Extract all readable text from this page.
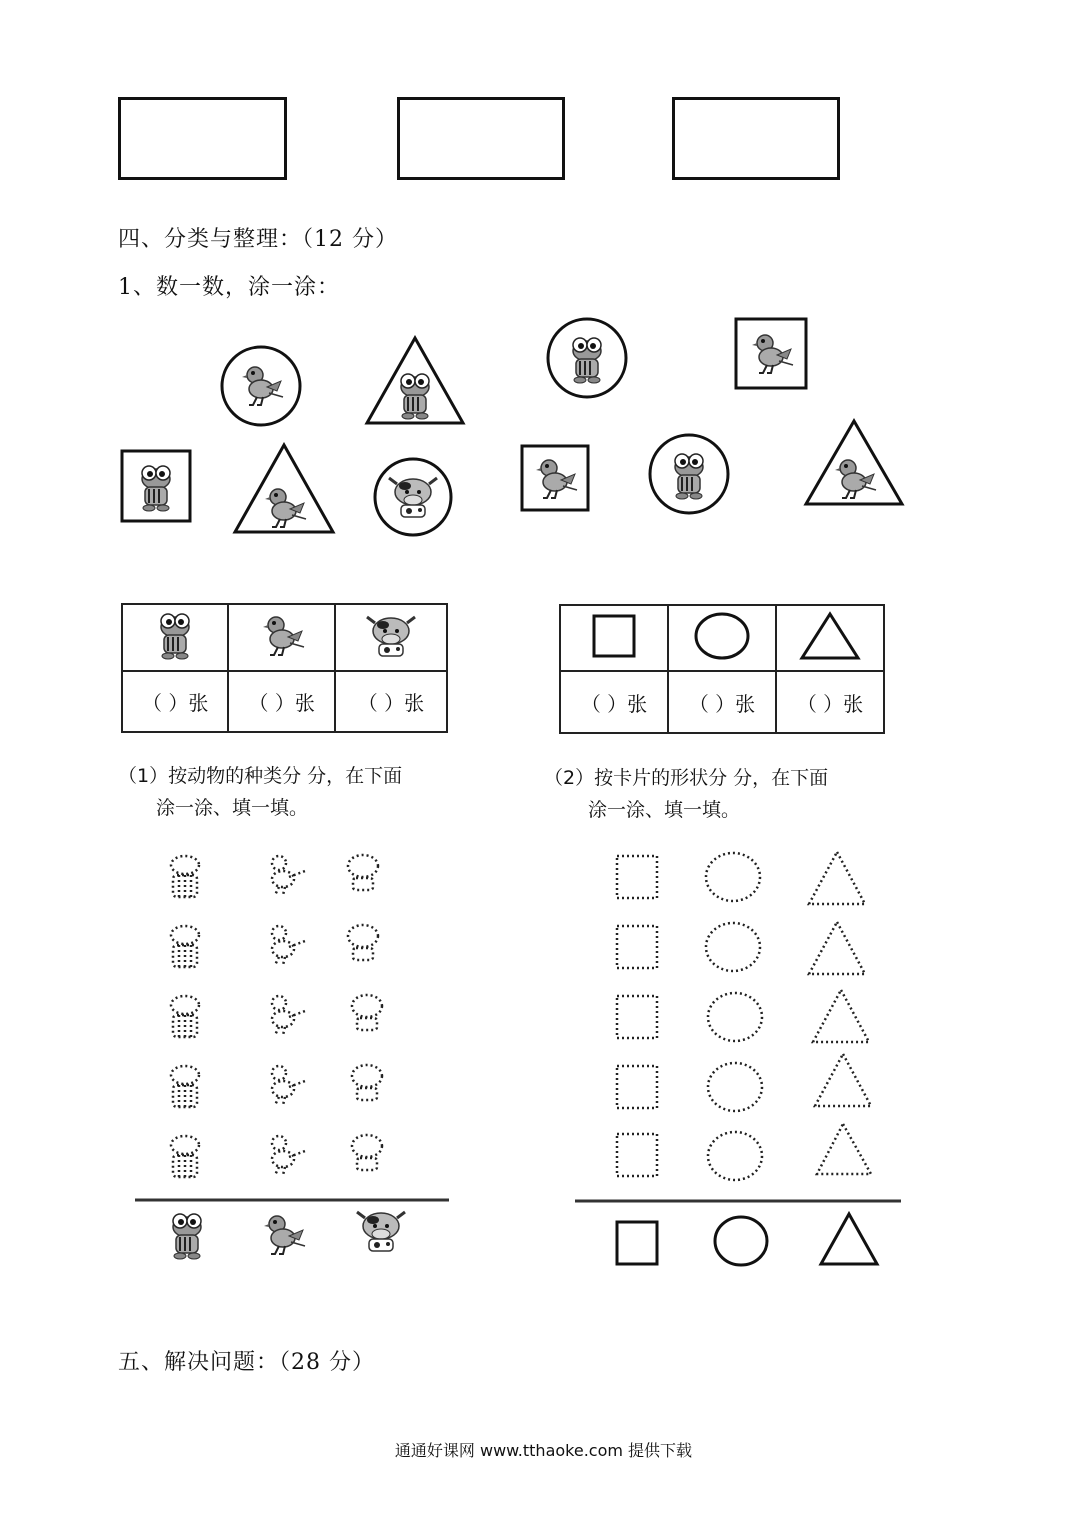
四、分类与整理：（12 分）
1、数一数，涂一涂：

（ ）张	（ ）张	（ ）张
			（ ）张	（ ）张	（ ）张
（1）按动物的种类分 分，在下面
涂一涂、填一填。
（2）按卡片的形状分 分，在下面
涂一涂、填一填。
五、解决问题：（28 分）
通通好课网 www.tthaoke.com 提供下载
